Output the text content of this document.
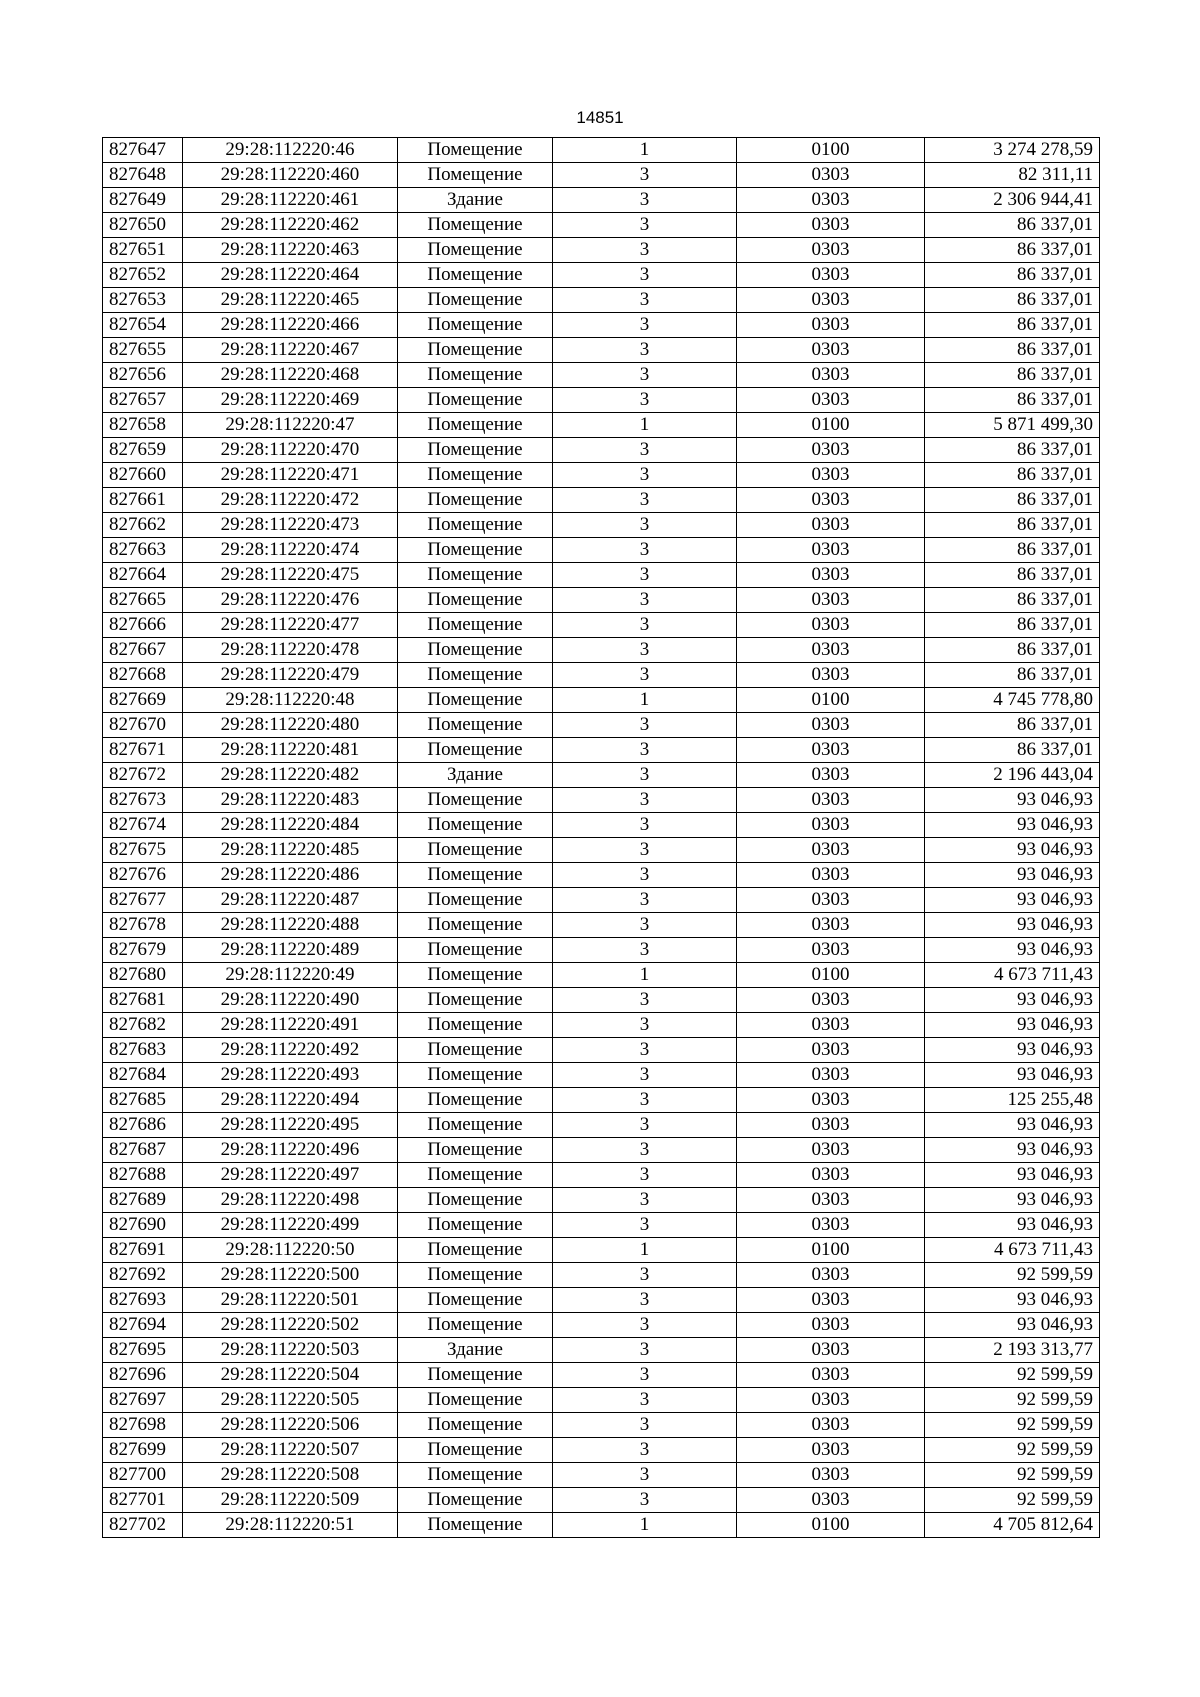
14851
827647	29:28:112220:46	Помещение	1	0100	3 274 278,59
827648	29:28:112220:460	Помещение	3	0303	82 311,11
827649	29:28:112220:461	Здание	3	0303	2 306 944,41
827650	29:28:112220:462	Помещение	3	0303	86 337,01
827651	29:28:112220:463	Помещение	3	0303	86 337,01
827652	29:28:112220:464	Помещение	3	0303	86 337,01
827653	29:28:112220:465	Помещение	3	0303	86 337,01
827654	29:28:112220:466	Помещение	3	0303	86 337,01
827655	29:28:112220:467	Помещение	3	0303	86 337,01
827656	29:28:112220:468	Помещение	3	0303	86 337,01
827657	29:28:112220:469	Помещение	3	0303	86 337,01
827658	29:28:112220:47	Помещение	1	0100	5 871 499,30
827659	29:28:112220:470	Помещение	3	0303	86 337,01
827660	29:28:112220:471	Помещение	3	0303	86 337,01
827661	29:28:112220:472	Помещение	3	0303	86 337,01
827662	29:28:112220:473	Помещение	3	0303	86 337,01
827663	29:28:112220:474	Помещение	3	0303	86 337,01
827664	29:28:112220:475	Помещение	3	0303	86 337,01
827665	29:28:112220:476	Помещение	3	0303	86 337,01
827666	29:28:112220:477	Помещение	3	0303	86 337,01
827667	29:28:112220:478	Помещение	3	0303	86 337,01
827668	29:28:112220:479	Помещение	3	0303	86 337,01
827669	29:28:112220:48	Помещение	1	0100	4 745 778,80
827670	29:28:112220:480	Помещение	3	0303	86 337,01
827671	29:28:112220:481	Помещение	3	0303	86 337,01
827672	29:28:112220:482	Здание	3	0303	2 196 443,04
827673	29:28:112220:483	Помещение	3	0303	93 046,93
827674	29:28:112220:484	Помещение	3	0303	93 046,93
827675	29:28:112220:485	Помещение	3	0303	93 046,93
827676	29:28:112220:486	Помещение	3	0303	93 046,93
827677	29:28:112220:487	Помещение	3	0303	93 046,93
827678	29:28:112220:488	Помещение	3	0303	93 046,93
827679	29:28:112220:489	Помещение	3	0303	93 046,93
827680	29:28:112220:49	Помещение	1	0100	4 673 711,43
827681	29:28:112220:490	Помещение	3	0303	93 046,93
827682	29:28:112220:491	Помещение	3	0303	93 046,93
827683	29:28:112220:492	Помещение	3	0303	93 046,93
827684	29:28:112220:493	Помещение	3	0303	93 046,93
827685	29:28:112220:494	Помещение	3	0303	125 255,48
827686	29:28:112220:495	Помещение	3	0303	93 046,93
827687	29:28:112220:496	Помещение	3	0303	93 046,93
827688	29:28:112220:497	Помещение	3	0303	93 046,93
827689	29:28:112220:498	Помещение	3	0303	93 046,93
827690	29:28:112220:499	Помещение	3	0303	93 046,93
827691	29:28:112220:50	Помещение	1	0100	4 673 711,43
827692	29:28:112220:500	Помещение	3	0303	92 599,59
827693	29:28:112220:501	Помещение	3	0303	93 046,93
827694	29:28:112220:502	Помещение	3	0303	93 046,93
827695	29:28:112220:503	Здание	3	0303	2 193 313,77
827696	29:28:112220:504	Помещение	3	0303	92 599,59
827697	29:28:112220:505	Помещение	3	0303	92 599,59
827698	29:28:112220:506	Помещение	3	0303	92 599,59
827699	29:28:112220:507	Помещение	3	0303	92 599,59
827700	29:28:112220:508	Помещение	3	0303	92 599,59
827701	29:28:112220:509	Помещение	3	0303	92 599,59
827702	29:28:112220:51	Помещение	1	0100	4 705 812,64
